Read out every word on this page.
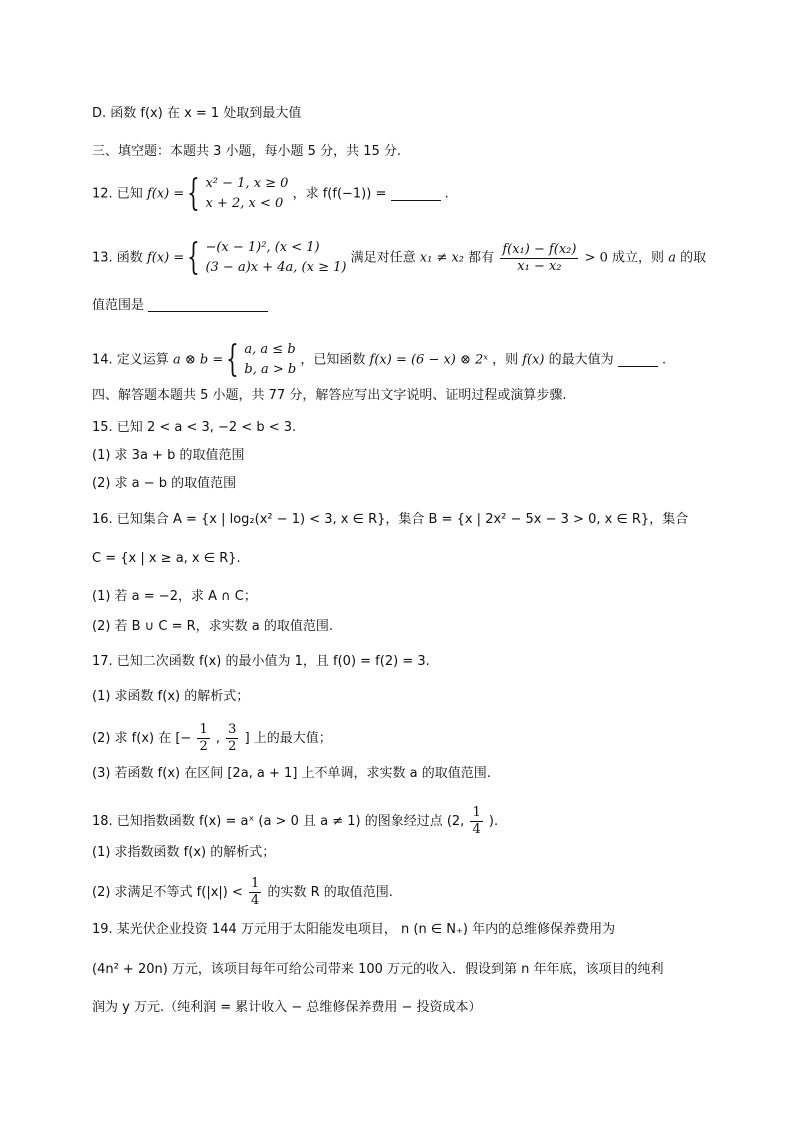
D. 函数 f(x) 在 x = 1 处取到最大值
三、填空题：本题共 3 小题，每小题 5 分，共 15 分.
12. 已知 f(x) = { x² − 1, x ≥ 0
x + 2, x < 0
，求 f(f(−1)) =	.
13. 函数 f(x) = { −(x − 1)², (x < 1)
(3 − a)x + 4a, (x ≥ 1)
满足对任意 x₁ ≠ x₂ 都有 $\frac{\text{f(x₁) − f(x₂)}}{\text{x₁ − x₂}} > 0$ 成立，则 a 的取
值范围是
14. 定义运算 a ⊗ b = { a, a ≤ b
b, a > b
，已知函数 f(x) = (6 − x) ⊗ 2ˣ ，则 f(x) 的最大值为	.
四、解答题本题共 5 小题，共 77 分，解答应写出文字说明、证明过程或演算步骤.
15. 已知 2 < a < 3, −2 < b < 3.
(1) 求 3a + b 的取值范围
(2) 求 a − b 的取值范围
16. 已知集合 A = {x | log₂(x² − 1) < 3, x ∈ R}，集合 B = {x | 2x² − 5x − 3 > 0, x ∈ R}，集合
C = {x | x ≥ a, x ∈ R}.
(1) 若 a = −2，求 A ∩ C；
(2) 若 B ∪ C = R，求实数 a 的取值范围.
17. 已知二次函数 f(x) 的最小值为 1，且 f(0) = f(2) = 3.
(1) 求函数 f(x) 的解析式；
(2) 求 f(x) 在 [− $\frac{1}{2}$ , $\frac{3}{2}$ ] 上的最大值；
(3) 若函数 f(x) 在区间 [2a, a + 1] 上不单调，求实数 a 的取值范围.
18. 已知指数函数 f(x) = aˣ (a > 0 且 a ≠ 1) 的图象经过点 (2, $\frac{1}{4}$ ).
(1) 求指数函数 f(x) 的解析式；
(2) 求满足不等式 $f(|x|) < \frac{1}{4}$ 的实数 R 的取值范围.
19. 某光伏企业投资 144 万元用于太阳能发电项目， n (n ∈ N₊) 年内的总维修保养费用为
(4n² + 20n) 万元，该项目每年可给公司带来 100 万元的收入．假设到第 n 年年底，该项目的纯利
润为 y 万元.（纯利润 = 累计收入 − 总维修保养费用 − 投资成本）
